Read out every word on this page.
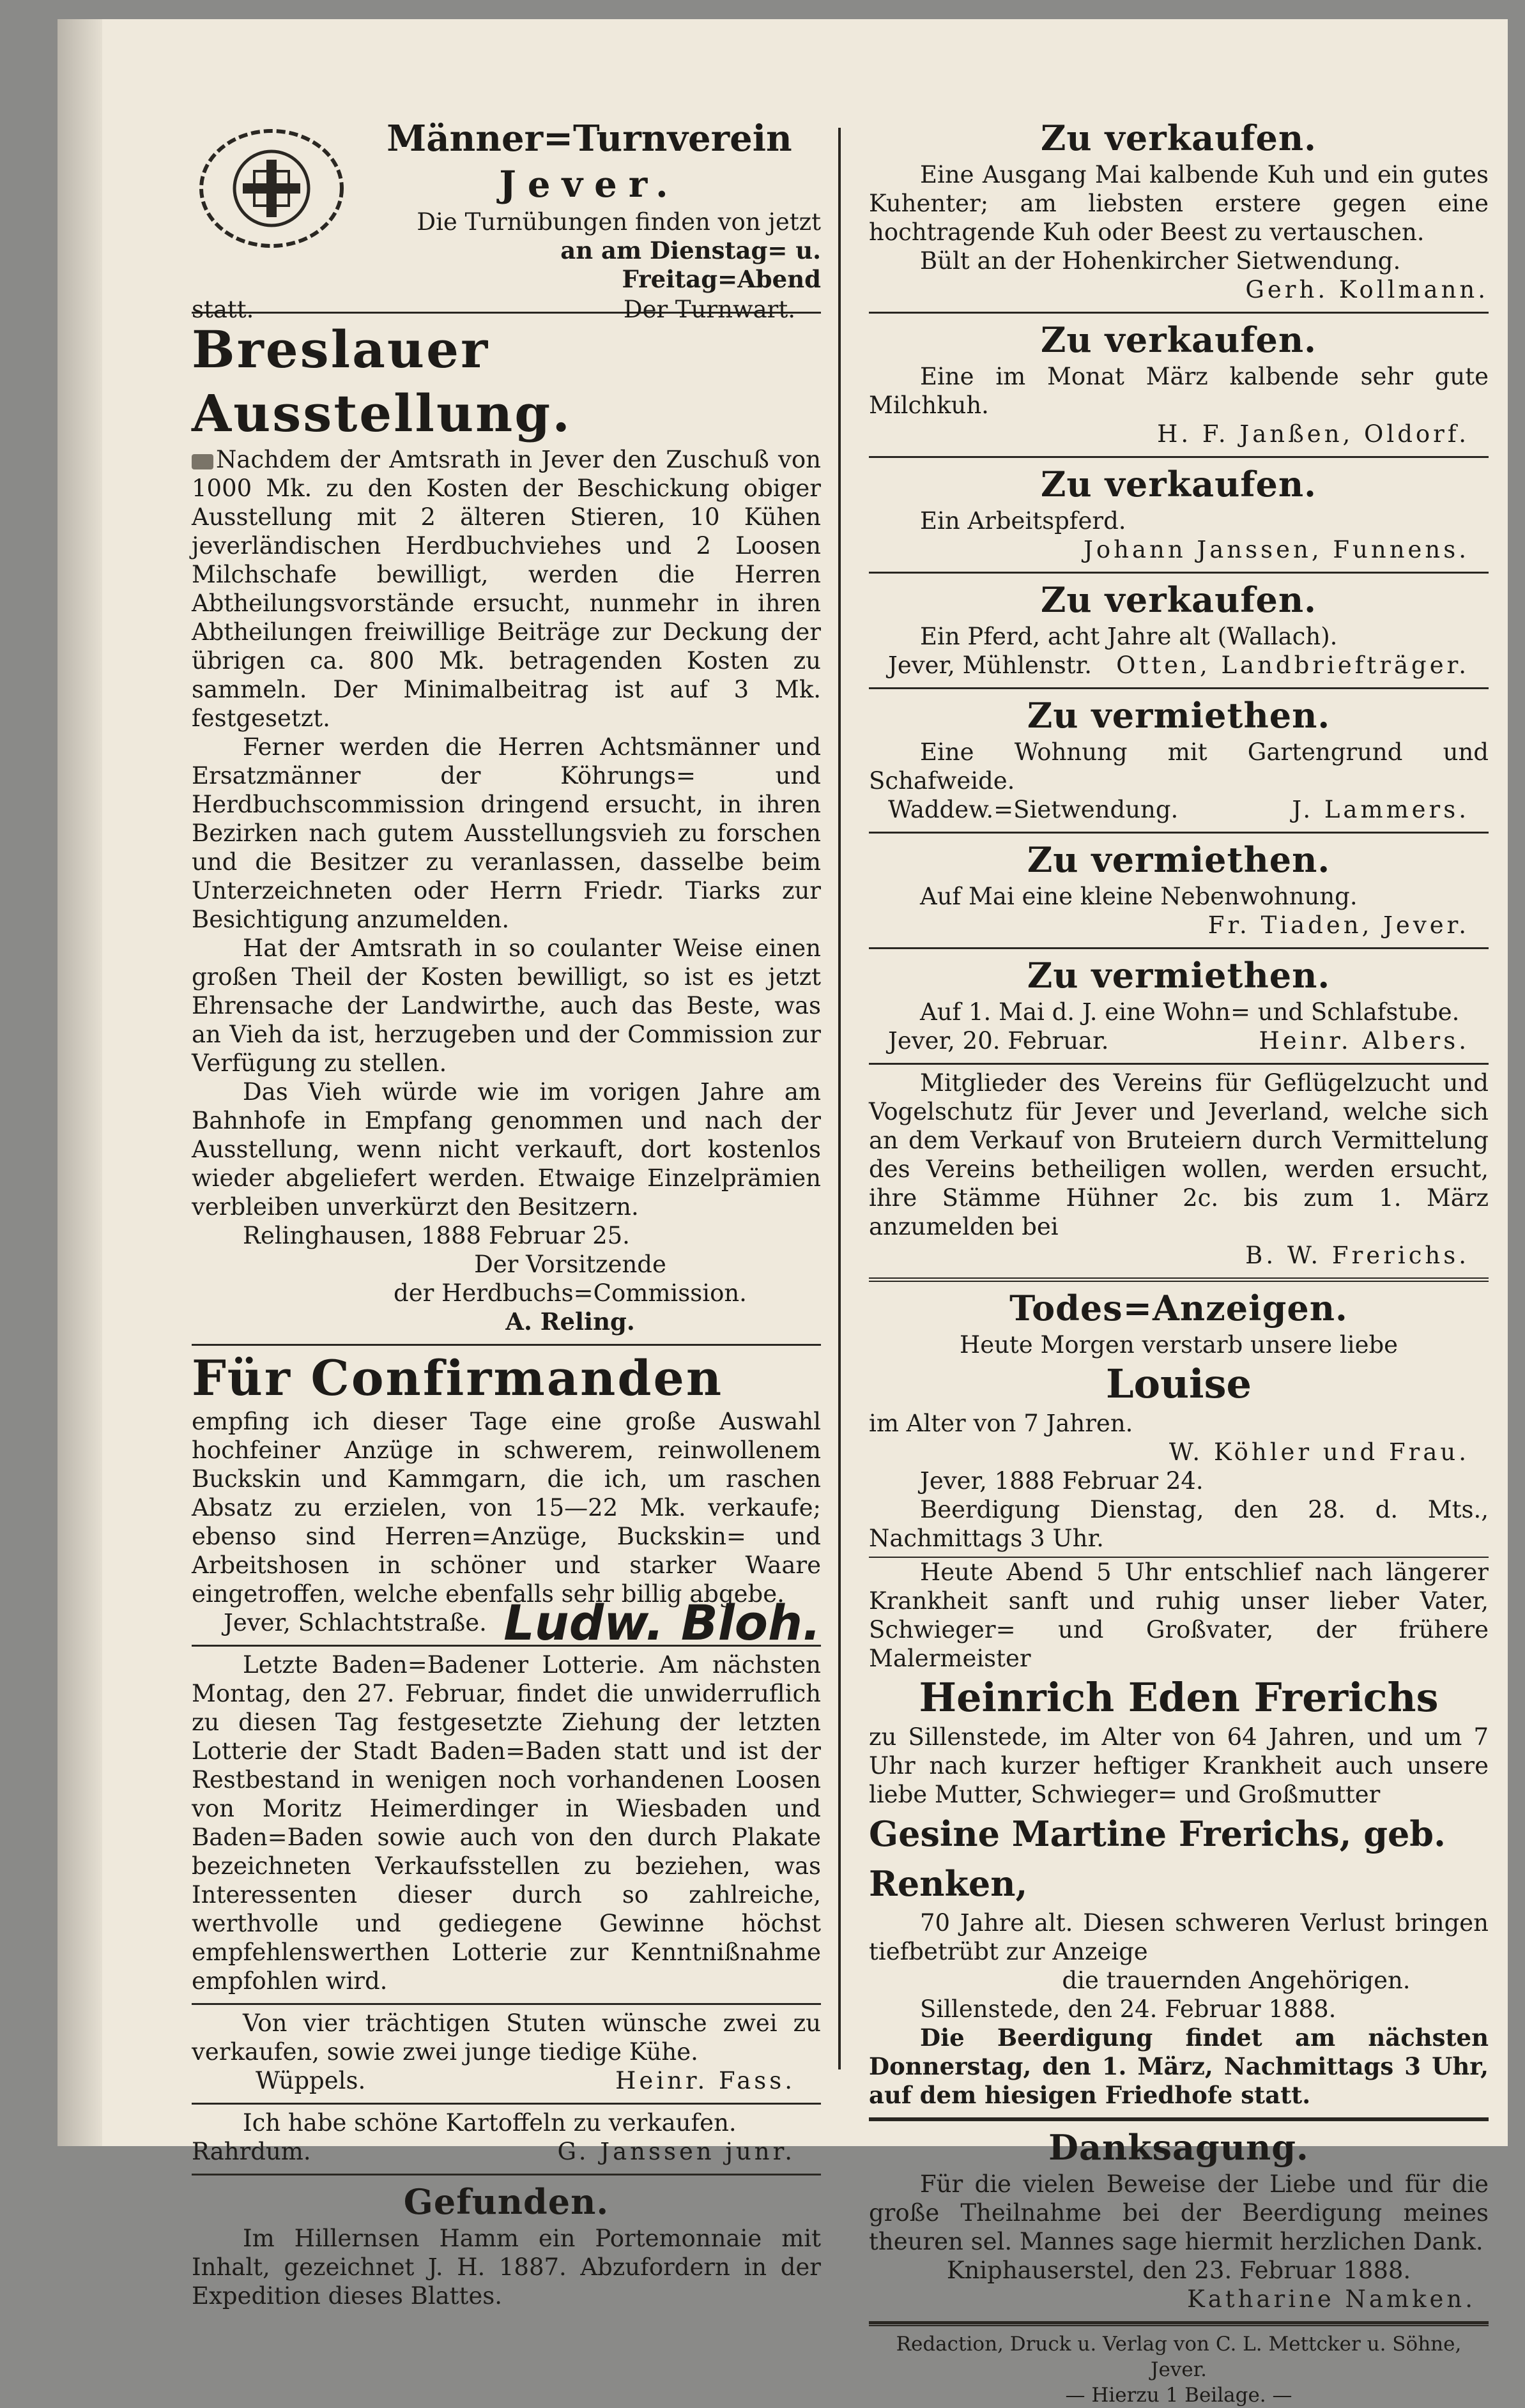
Männer=Turnverein
Jever.

Die Turnübungen finden von jetzt

an am Dienstag= u. Freitag=Abend

statt.	Der Turnwart.
Breslauer Ausstellung.

Nachdem der Amtsrath in Jever den Zuschuß von 1000 Mk. zu den Kosten der Beschickung obiger Ausstellung mit 2 älteren Stieren, 10 Kühen jeverländischen Herdbuchviehes und 2 Loosen Milchschafe bewilligt, werden die Herren Abtheilungsvorstände ersucht, nunmehr in ihren Abtheilungen freiwillige Beiträge zur Deckung der übrigen ca. 800 Mk. betragenden Kosten zu sammeln. Der Minimalbeitrag ist auf 3 Mk. festgesetzt.

Ferner werden die Herren Achtsmänner und Ersatzmänner der Köhrungs= und Herdbuchscommission dringend ersucht, in ihren Bezirken nach gutem Ausstellungsvieh zu forschen und die Besitzer zu veranlassen, dasselbe beim Unterzeichneten oder Herrn Friedr. Tiarks zur Besichtigung anzumelden.

Hat der Amtsrath in so coulanter Weise einen großen Theil der Kosten bewilligt, so ist es jetzt Ehrensache der Landwirthe, auch das Beste, was an Vieh da ist, herzugeben und der Commission zur Verfügung zu stellen.

Das Vieh würde wie im vorigen Jahre am Bahnhofe in Empfang genommen und nach der Ausstellung, wenn nicht verkauft, dort kostenlos wieder abgeliefert werden. Etwaige Einzelprämien verbleiben unverkürzt den Besitzern.

Relinghausen, 1888 Februar 25.

Der Vorsitzende

der Herdbuchs=Commission.

A. Reling.

Für Confirmanden

empfing ich dieser Tage eine große Auswahl hochfeiner Anzüge in schwerem, reinwollenem Buckskin und Kammgarn, die ich, um raschen Absatz zu erzielen, von 15—22 Mk. verkaufe; ebenso sind Herren=Anzüge, Buckskin= und Arbeitshosen in schöner und starker Waare eingetroffen, welche ebenfalls sehr billig abgebe.

Jever, Schlachtstraße. Ludw. Bloh.

Letzte Baden=Badener Lotterie. Am nächsten Montag, den 27. Februar, findet die unwiderruflich zu diesen Tag festgesetzte Ziehung der letzten Lotterie der Stadt Baden=Baden statt und ist der Restbestand in wenigen noch vorhandenen Loosen von Moritz Heimerdinger in Wiesbaden und Baden=Baden sowie auch von den durch Plakate bezeichneten Verkaufsstellen zu beziehen, was Interessenten dieser durch so zahlreiche, werthvolle und gediegene Gewinne höchst empfehlenswerthen Lotterie zur Kenntnißnahme empfohlen wird.

Von vier trächtigen Stuten wünsche zwei zu verkaufen, sowie zwei junge tiedige Kühe.

Wüppels.	Heinr. Fass.

Ich habe schöne Kartoffeln zu verkaufen.

Rahrdum.	G. Janssen junr.
Gefunden.

Im Hillernsen Hamm ein Portemonnaie mit Inhalt, gezeichnet J. H. 1887. Abzufordern in der Expedition dieses Blattes.

Zu verkaufen.

Eine Ausgang Mai kalbende Kuh und ein gutes Kuhenter; am liebsten erstere gegen eine hochtragende Kuh oder Beest zu vertauschen.

Bült an der Hohenkircher Sietwendung.

Gerh. Kollmann.

Zu verkaufen.

Eine im Monat März kalbende sehr gute Milchkuh.

H. F. Janßen, Oldorf.

Zu verkaufen.

Ein Arbeitspferd.

Johann Janssen, Funnens.

Zu verkaufen.

Ein Pferd, acht Jahre alt (Wallach).

Jever, Mühlenstr. Otten, Landbriefträger.
Zu vermiethen.

Eine Wohnung mit Gartengrund und Schafweide.

Waddew.=Sietwendung.	J. Lammers.
Zu vermiethen.

Auf Mai eine kleine Nebenwohnung.

Fr. Tiaden, Jever.

Zu vermiethen.

Auf 1. Mai d. J. eine Wohn= und Schlafstube.

Jever, 20. Februar.	Heinr. Albers.

Mitglieder des Vereins für Geflügelzucht und Vogelschutz für Jever und Jeverland, welche sich an dem Verkauf von Bruteiern durch Vermittelung des Vereins betheiligen wollen, werden ersucht, ihre Stämme Hühner 2c. bis zum 1. März anzumelden bei

B. W. Frerichs.

Todes=Anzeigen.

Heute Morgen verstarb unsere liebe

Louise

im Alter von 7 Jahren.

W. Köhler und Frau.

Jever, 1888 Februar 24.

Beerdigung Dienstag, den 28. d. Mts., Nachmittags 3 Uhr.

Heute Abend 5 Uhr entschlief nach längerer Krankheit sanft und ruhig unser lieber Vater, Schwieger= und Großvater, der frühere Malermeister

Heinrich Eden Frerichs

zu Sillenstede, im Alter von 64 Jahren, und um 7 Uhr nach kurzer heftiger Krankheit auch unsere liebe Mutter, Schwieger= und Großmutter

Gesine Martine Frerichs, geb. Renken,

70 Jahre alt. Diesen schweren Verlust bringen tiefbetrübt zur Anzeige

die trauernden Angehörigen.

Sillenstede, den 24. Februar 1888.

Die Beerdigung findet am nächsten Donnerstag, den 1. März, Nachmittags 3 Uhr, auf dem hiesigen Friedhofe statt.

Danksagung.

Für die vielen Beweise der Liebe und für die große Theilnahme bei der Beerdigung meines theuren sel. Mannes sage hiermit herzlichen Dank.

Kniphauserstel, den 23. Februar 1888.

Katharine Namken.

Redaction, Druck u. Verlag von C. L. Mettcker u. Söhne, Jever.

— Hierzu 1 Beilage. —
